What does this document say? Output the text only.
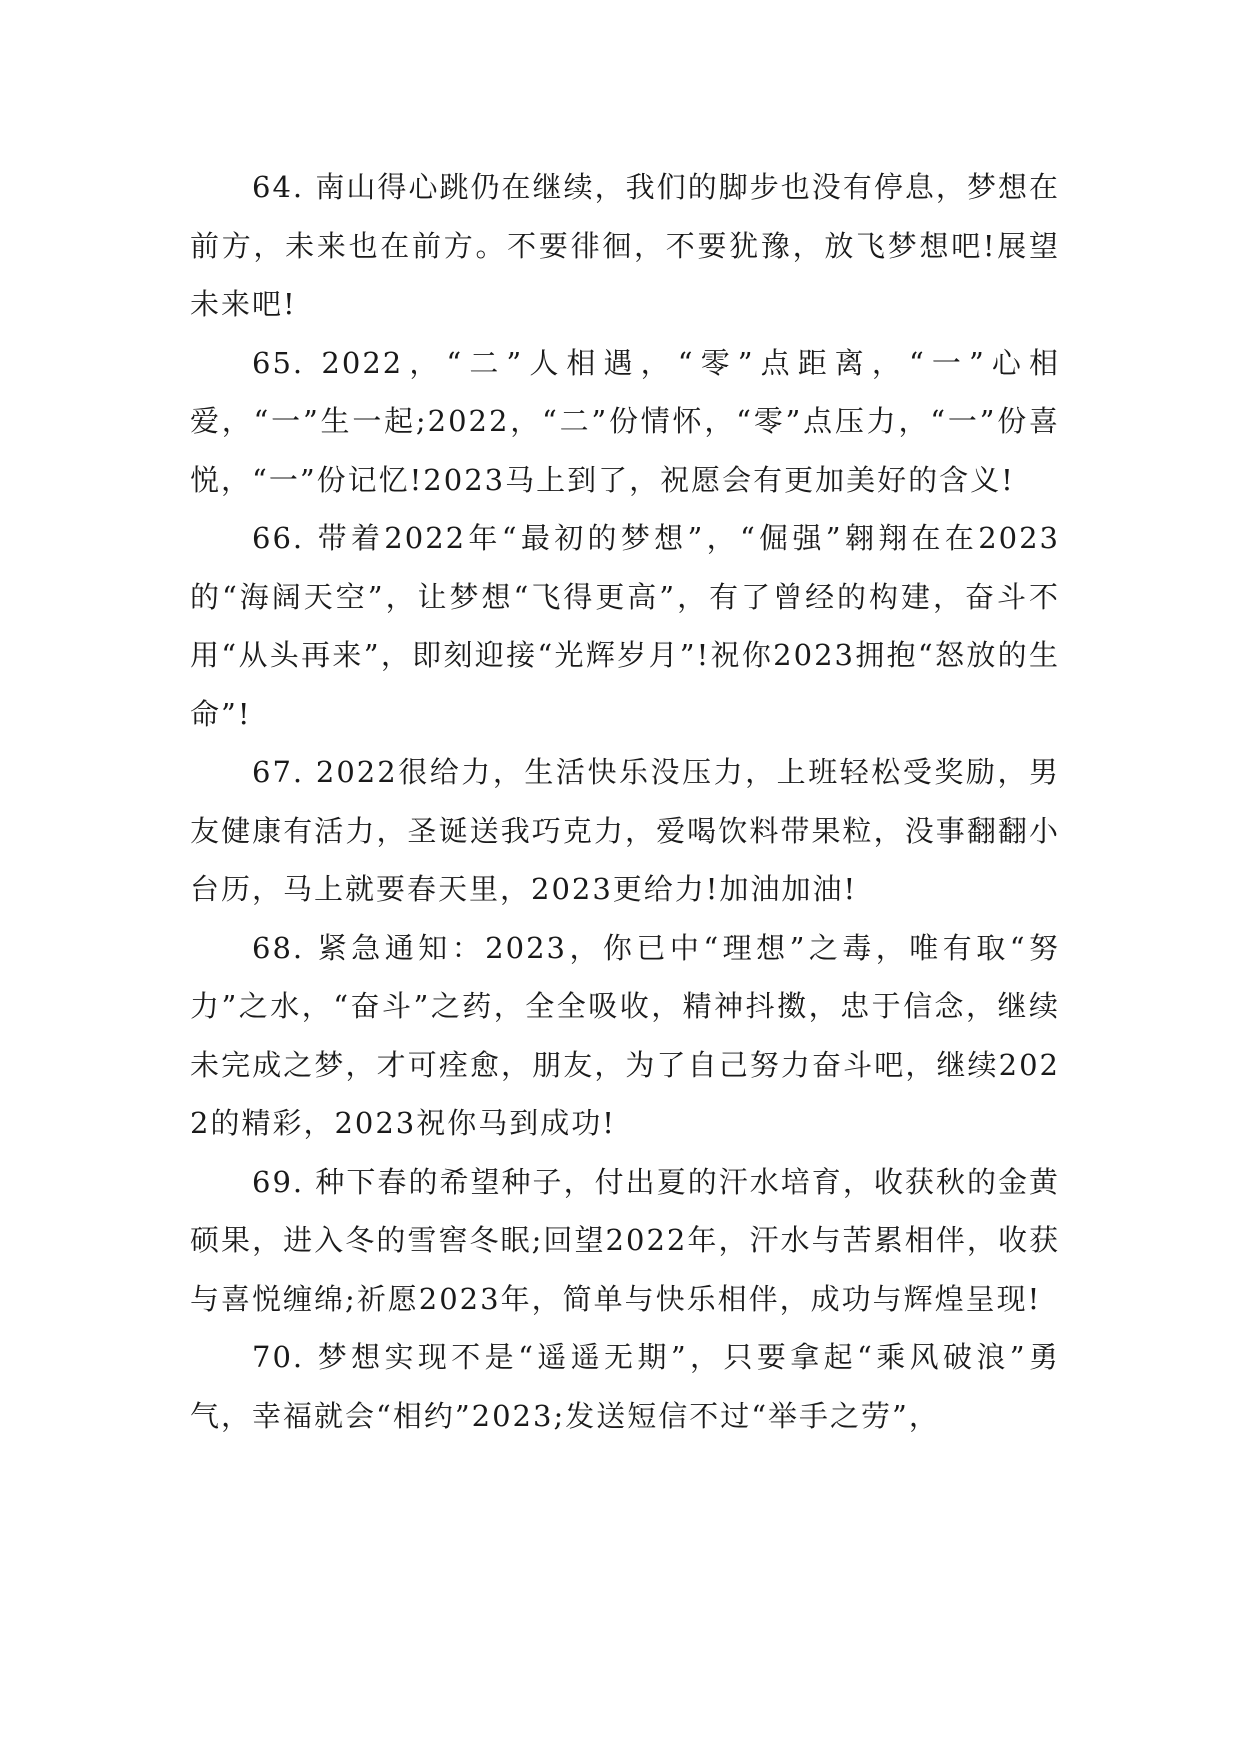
64. 南山得心跳仍在继续，我们的脚步也没有停息，梦想在前方，未来也在前方。不要徘徊，不要犹豫，放飞梦想吧!展望未来吧!

65. 2022，“二”人相遇，“零”点距离，“一”心相爱，“一”生一起;2022，“二”份情怀，“零”点压力，“一”份喜悦，“一”份记忆!2023马上到了，祝愿会有更加美好的含义!

66. 带着2022年“最初的梦想”，“倔强”翱翔在在2023的“海阔天空”，让梦想“飞得更高”，有了曾经的构建，奋斗不用“从头再来”，即刻迎接“光辉岁月”!祝你2023拥抱“怒放的生命”!

67. 2022很给力，生活快乐没压力，上班轻松受奖励，男友健康有活力，圣诞送我巧克力，爱喝饮料带果粒，没事翻翻小台历，马上就要春天里，2023更给力!加油加油!

68. 紧急通知：2023，你已中“理想”之毒，唯有取“努力”之水，“奋斗”之药，全全吸收，精神抖擞，忠于信念，继续未完成之梦，才可痊愈，朋友，为了自己努力奋斗吧，继续2022的精彩，2023祝你马到成功!

69. 种下春的希望种子，付出夏的汗水培育，收获秋的金黄硕果，进入冬的雪窖冬眠;回望2022年，汗水与苦累相伴，收获与喜悦缠绵;祈愿2023年，简单与快乐相伴，成功与辉煌呈现!

70. 梦想实现不是“遥遥无期”，只要拿起“乘风破浪”勇气，幸福就会“相约”2023;发送短信不过“举手之劳”，
